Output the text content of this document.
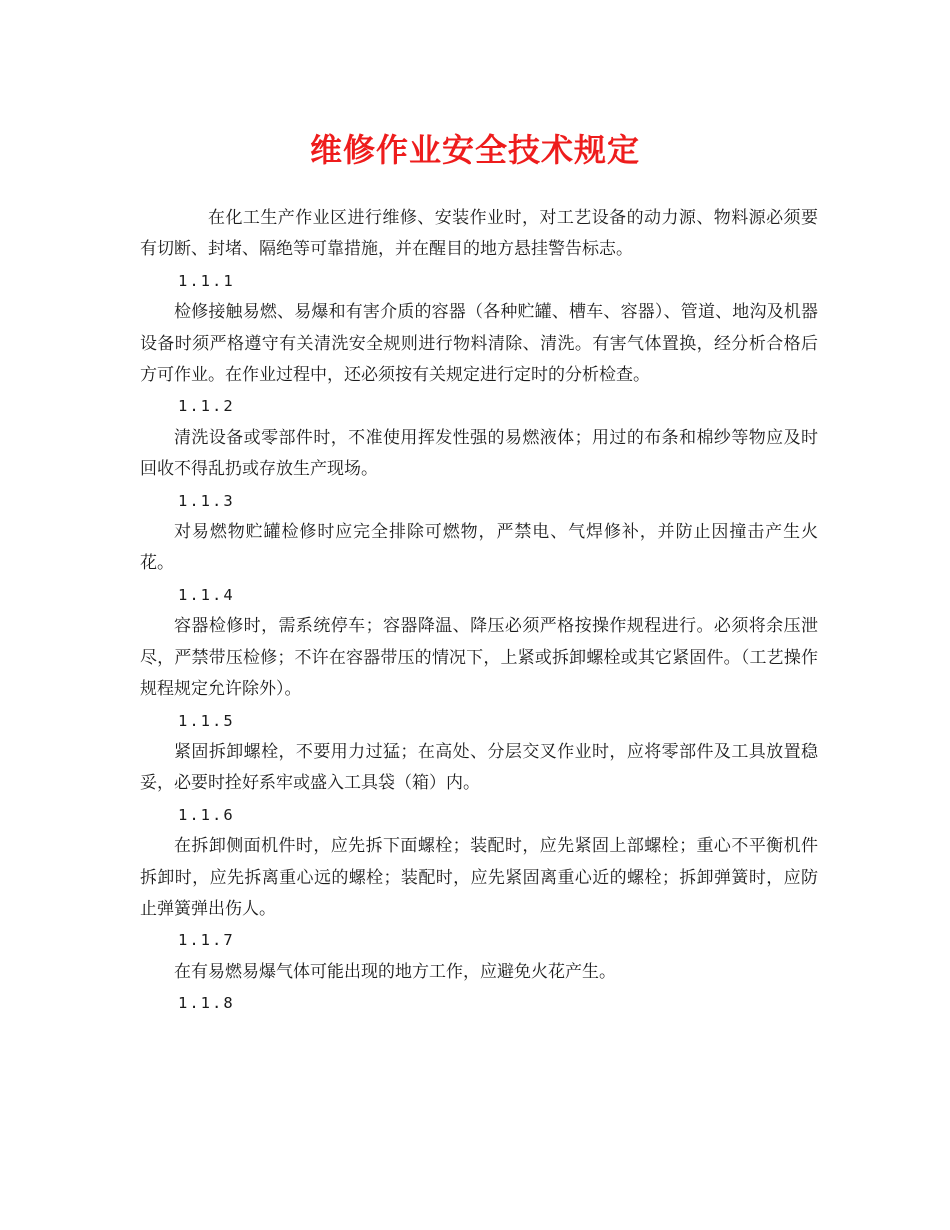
维修作业安全技术规定

在化工生产作业区进行维修、安装作业时，对工艺设备的动力源、物料源必须要有切断、封堵、隔绝等可靠措施，并在醒目的地方悬挂警告标志。

1.1.1

检修接触易燃、易爆和有害介质的容器（各种贮罐、槽车、容器）、管道、地沟及机器设备时须严格遵守有关清洗安全规则进行物料清除、清洗。有害气体置换，经分析合格后方可作业。在作业过程中，还必须按有关规定进行定时的分析检查。

1.1.2

清洗设备或零部件时，不准使用挥发性强的易燃液体；用过的布条和棉纱等物应及时回收不得乱扔或存放生产现场。

1.1.3

对易燃物贮罐检修时应完全排除可燃物，严禁电、气焊修补，并防止因撞击产生火花。

1.1.4

容器检修时，需系统停车；容器降温、降压必须严格按操作规程进行。必须将余压泄尽，严禁带压检修；不许在容器带压的情况下，上紧或拆卸螺栓或其它紧固件。（工艺操作规程规定允许除外）。

1.1.5

紧固拆卸螺栓，不要用力过猛；在高处、分层交叉作业时，应将零部件及工具放置稳妥，必要时拴好系牢或盛入工具袋（箱）内。

1.1.6

在拆卸侧面机件时，应先拆下面螺栓；装配时，应先紧固上部螺栓；重心不平衡机件拆卸时，应先拆离重心远的螺栓；装配时，应先紧固离重心近的螺栓；拆卸弹簧时，应防止弹簧弹出伤人。

1.1.7

在有易燃易爆气体可能出现的地方工作，应避免火花产生。

1.1.8
